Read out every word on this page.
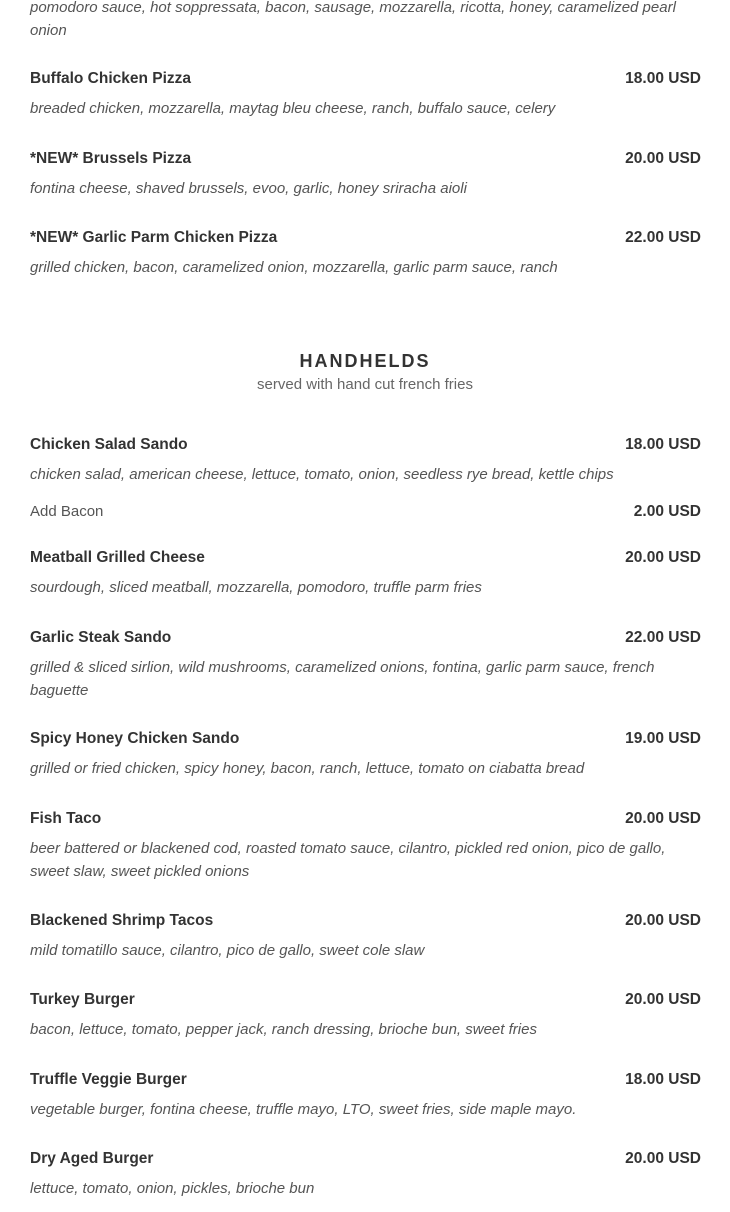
pomodoro sauce, hot soppressata, bacon, sausage, mozzarella, ricotta, honey, caramelized pearl onion

Buffalo Chicken Pizza	18.00 USD

breaded chicken, mozzarella, maytag bleu cheese, ranch, buffalo sauce, celery

*NEW* Brussels Pizza	20.00 USD

fontina cheese, shaved brussels, evoo, garlic, honey sriracha aioli

*NEW* Garlic Parm Chicken Pizza	22.00 USD

grilled chicken, bacon, caramelized onion, mozzarella, garlic parm sauce, ranch

HANDHELDS
served with hand cut french fries
Chicken Salad Sando	18.00 USD

chicken salad, american cheese, lettuce, tomato, onion, seedless rye bread, kettle chips

Add Bacon	2.00 USD
Meatball Grilled Cheese	20.00 USD

sourdough, sliced meatball, mozzarella, pomodoro, truffle parm fries

Garlic Steak Sando	22.00 USD

grilled & sliced sirlion, wild mushrooms, caramelized onions, fontina, garlic parm sauce, french baguette

Spicy Honey Chicken Sando	19.00 USD

grilled or fried chicken, spicy honey, bacon, ranch, lettuce, tomato on ciabatta bread

Fish Taco	20.00 USD

beer battered or blackened cod, roasted tomato sauce, cilantro, pickled red onion, pico de gallo, sweet slaw, sweet pickled onions

Blackened Shrimp Tacos	20.00 USD

mild tomatillo sauce, cilantro, pico de gallo, sweet cole slaw

Turkey Burger	20.00 USD

bacon, lettuce, tomato, pepper jack, ranch dressing, brioche bun, sweet fries

Truffle Veggie Burger	18.00 USD

vegetable burger, fontina cheese, truffle mayo, LTO, sweet fries, side maple mayo.

Dry Aged Burger	20.00 USD

lettuce, tomato, onion, pickles, brioche bun
